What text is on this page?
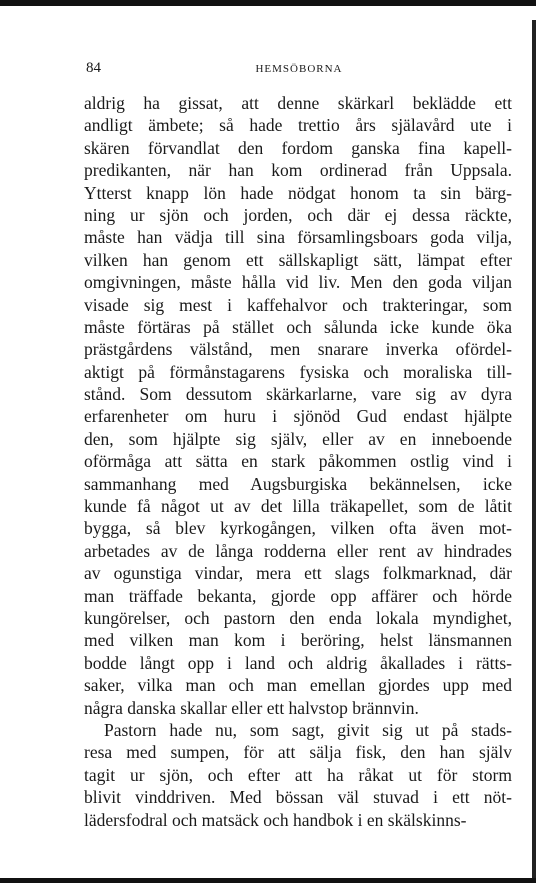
84	HEMSÖBORNA
aldrig ha gissat, att denne skärkarl beklädde ett
andligt ämbete; så hade trettio års själavård ute i
skären förvandlat den fordom ganska fina kapell-
predikanten, när han kom ordinerad från Uppsala.
Ytterst knapp lön hade nödgat honom ta sin bärg-
ning ur sjön och jorden, och där ej dessa räckte,
måste han vädja till sina församlingsboars goda vilja,
vilken han genom ett sällskapligt sätt, lämpat efter
omgivningen, måste hålla vid liv. Men den goda viljan
visade sig mest i kaffehalvor och trakteringar, som
måste förtäras på stället och sålunda icke kunde öka
prästgårdens välstånd, men snarare inverka ofördel-
aktigt på förmånstagarens fysiska och moraliska till-
stånd. Som dessutom skärkarlarne, vare sig av dyra
erfarenheter om huru i sjönöd Gud endast hjälpte
den, som hjälpte sig själv, eller av en inneboende
oförmåga att sätta en stark påkommen ostlig vind i
sammanhang med Augsburgiska bekännelsen, icke
kunde få något ut av det lilla träkapellet, som de låtit
bygga, så blev kyrkogången, vilken ofta även mot-
arbetades av de långa rodderna eller rent av hindrades
av ogunstiga vindar, mera ett slags folkmarknad, där
man träffade bekanta, gjorde opp affärer och hörde
kungörelser, och pastorn den enda lokala myndighet,
med vilken man kom i beröring, helst länsmannen
bodde långt opp i land och aldrig åkallades i rätts-
saker, vilka man och man emellan gjordes upp med
några danska skallar eller ett halvstop brännvin.
Pastorn hade nu, som sagt, givit sig ut på stads-
resa med sumpen, för att sälja fisk, den han själv
tagit ur sjön, och efter att ha råkat ut för storm
blivit vinddriven. Med bössan väl stuvad i ett nöt-
lädersfodral och matsäck och handbok i en skälskinns-
